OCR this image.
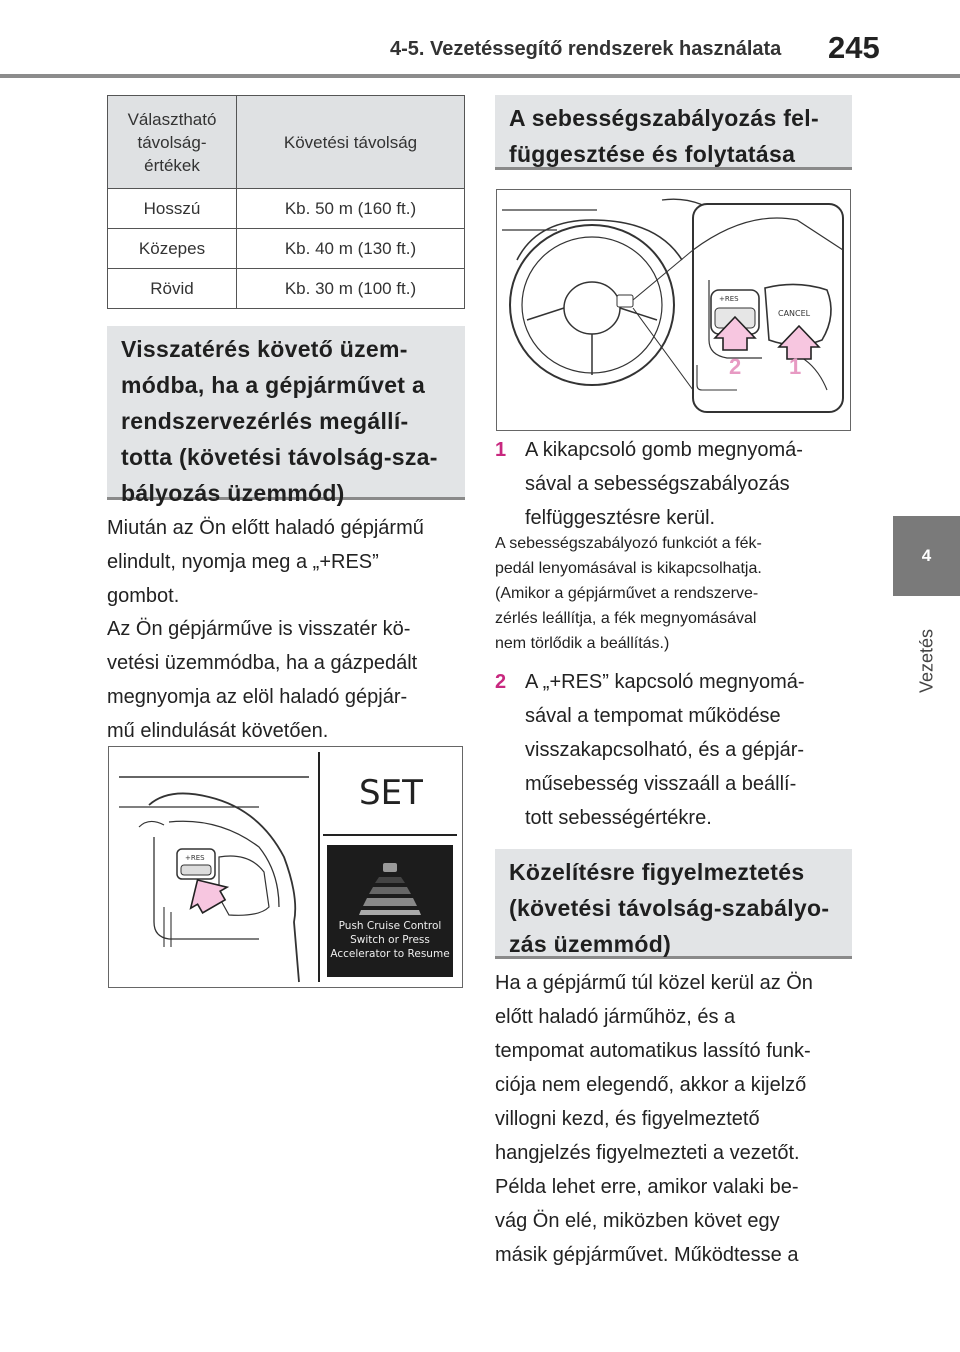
4-5. Vezetéssegítő rendszerek használata 245
4
Vezetés
Választható
távolság-
értékek	Követési távolság
Hosszú	Kb. 50 m (160 ft.)
Közepes	Kb. 40 m (130 ft.)
Rövid	Kb. 30 m (100 ft.)
Visszatérés követő üzem-
módba, ha a gépjárművet a
rendszervezérlés megállí-
totta (követési távolság-sza-
bályozás üzemmód)
Miután az Ön előtt haladó gépjármű
elindult, nyomja meg a „+RES”
gombot.
Az Ön gépjárműve is visszatér kö-
vetési üzemmódba, ha a gázpedált
megnyomja az elöl haladó gépjár-
mű elindulását követően.
+RES
SET
Push Cruise Control
Switch or Press
Accelerator to Resume
A sebességszabályozás fel-
függesztése és folytatása
+RES
CANCEL
2 1
1 A kikapcsoló gomb megnyomá-
sával a sebességszabályozás
felfüggesztésre kerül.
A sebességszabályozó funkciót a fék-
pedál lenyomásával is kikapcsolhatja.
(Amikor a gépjárművet a rendszerve-
zérlés leállítja, a fék megnyomásával
nem törlődik a beállítás.)
2 A „+RES” kapcsoló megnyomá-
sával a tempomat működése
visszakapcsolható, és a gépjár-
műsebesség visszaáll a beállí-
tott sebességértékre.
Közelítésre figyelmeztetés
(követési távolság-szabályo-
zás üzemmód)
Ha a gépjármű túl közel kerül az Ön
előtt haladó járműhöz, és a
tempomat automatikus lassító funk-
ciója nem elegendő, akkor a kijelző
villogni kezd, és figyelmeztető
hangjelzés figyelmezteti a vezetőt.
Példa lehet erre, amikor valaki be-
vág Ön elé, miközben követ egy
másik gépjárművet. Működtesse a
